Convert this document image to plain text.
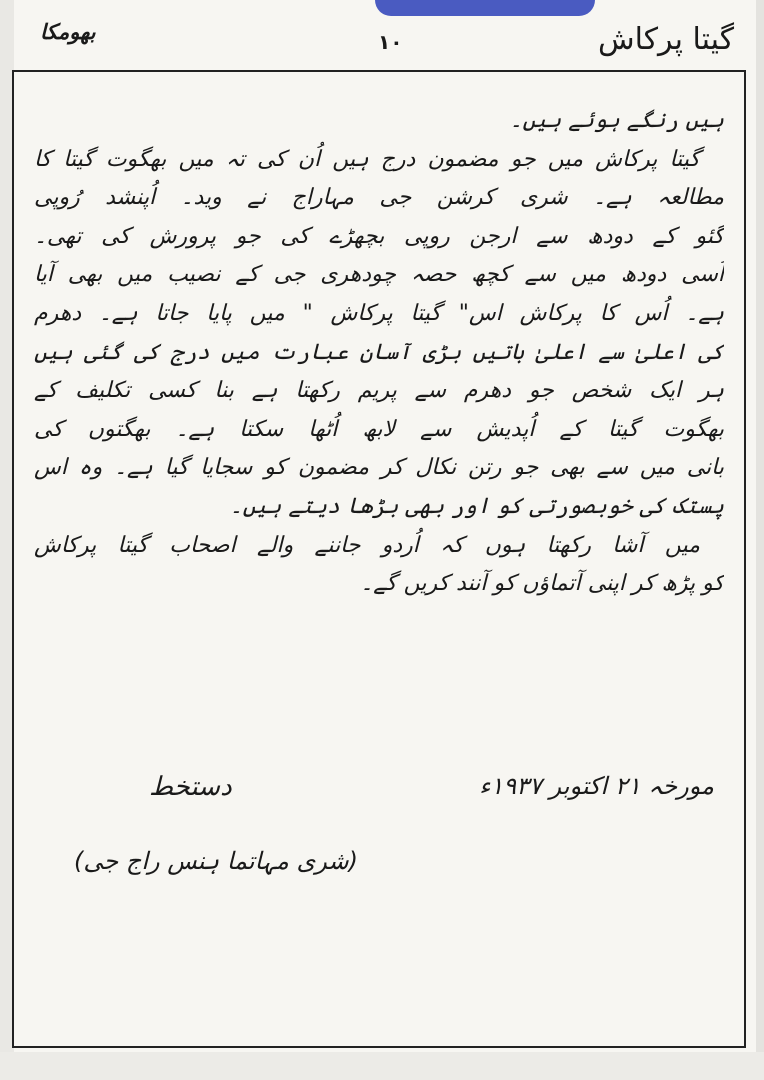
بھومکا	١٠	گیتا پرکاش
ہیں رنگے ہوئے ہیں۔
گیتا پرکاش میں جو مضمون درج ہیں اُن کی تہ میں بھگوت گیتا کا
مطالعہ ہے۔ شری کرشن جی مہاراج نے وید۔ اُپنشد رُوپی
گئو کے دودھ سے ارجن روپی بچھڑے کی جو پرورش کی تھی۔
اُسی دودھ میں سے کچھ حصہ چودھری جی کے نصیب میں بھی آیا
ہے۔ اُس کا پرکاش اس" گیتا پرکاش " میں پایا جاتا ہے۔ دھرم
کی اعلیٰ سے اعلیٰ باتیں بڑی آسان عبارت میں درج کی گئی ہیں
ہر ایک شخص جو دھرم سے پریم رکھتا ہے بنا کسی تکلیف کے
بھگوت گیتا کے اُپدیش سے لابھ اُٹھا سکتا ہے۔ بھگتوں کی
بانی میں سے بھی جو رتن نکال کر مضمون کو سجایا گیا ہے۔ وہ اس
پستک کی خوبصورتی کو اور بھی بڑھا دیتے ہیں۔
میں آشا رکھتا ہوں کہ اُردو جاننے والے اصحاب گیتا پرکاش
کو پڑھ کر اپنی آتماؤں کو آنند کریں گے۔
مورخہ ۲۱ اکتوبر ۱۹۳۷ء
دستخط
(شری مہاتما ہنس راج جی)
